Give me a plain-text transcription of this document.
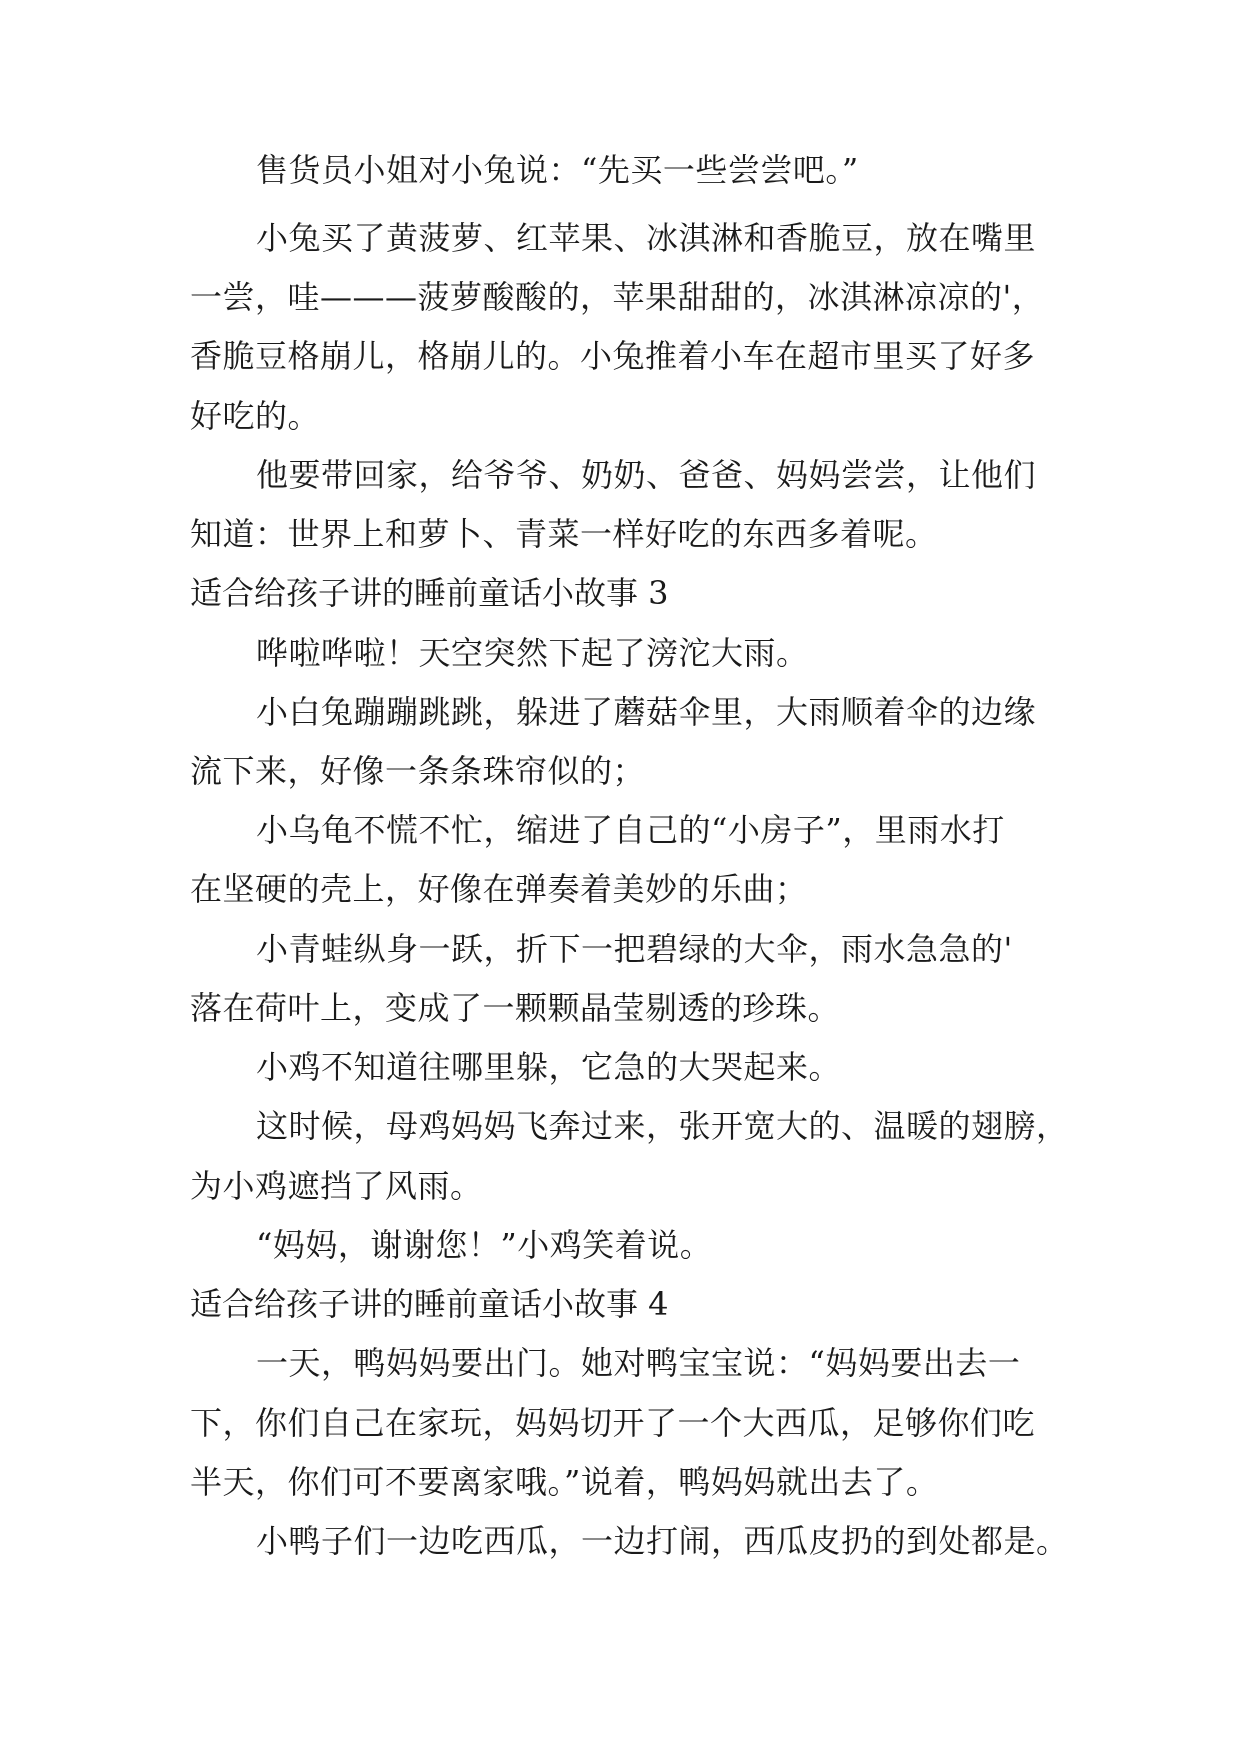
售货员小姐对小兔说：“先买一些尝尝吧。”
小兔买了黄菠萝、红苹果、冰淇淋和香脆豆，放在嘴里
一尝，哇———菠萝酸酸的，苹果甜甜的，冰淇淋凉凉的'，
香脆豆格崩儿，格崩儿的。小兔推着小车在超市里买了好多
好吃的。
他要带回家，给爷爷、奶奶、爸爸、妈妈尝尝，让他们
知道：世界上和萝卜、青菜一样好吃的东西多着呢。
适合给孩子讲的睡前童话小故事 3
哗啦哗啦！天空突然下起了滂沱大雨。
小白兔蹦蹦跳跳，躲进了蘑菇伞里，大雨顺着伞的边缘
流下来，好像一条条珠帘似的；
小乌龟不慌不忙，缩进了自己的“小房子”，里雨水打
在坚硬的壳上，好像在弹奏着美妙的乐曲；
小青蛙纵身一跃，折下一把碧绿的大伞，雨水急急的'
落在荷叶上，变成了一颗颗晶莹剔透的珍珠。
小鸡不知道往哪里躲，它急的大哭起来。
这时候，母鸡妈妈飞奔过来，张开宽大的、温暖的翅膀，
为小鸡遮挡了风雨。
“妈妈，谢谢您！”小鸡笑着说。
适合给孩子讲的睡前童话小故事 4
一天，鸭妈妈要出门。她对鸭宝宝说：“妈妈要出去一
下，你们自己在家玩，妈妈切开了一个大西瓜，足够你们吃
半天，你们可不要离家哦。”说着，鸭妈妈就出去了。
小鸭子们一边吃西瓜，一边打闹，西瓜皮扔的到处都是。
